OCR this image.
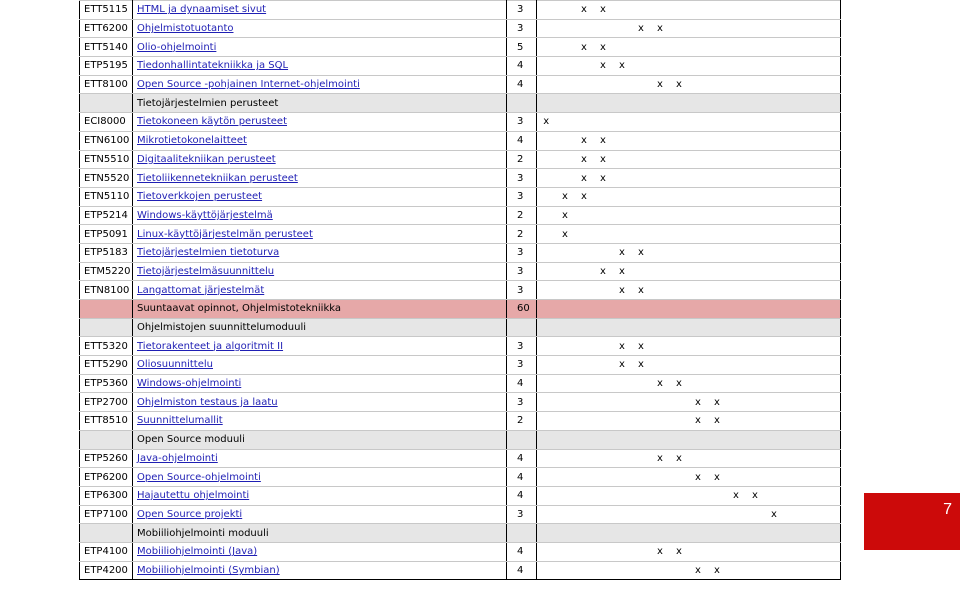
ETT5115	HTML ja dynaamiset sivut	3			x	x										
ETT6200	Ohjelmistotuotanto	3						x	x							
ETT5140	Olio-ohjelmointi	5			x	x										
ETP5195	Tiedonhallintatekniikka ja SQL	4				x	x									
ETT8100	Open Source -pohjainen Internet-ohjelmointi	4							x	x						
	Tietojärjestelmien perusteet															
ECI8000	Tietokoneen käytön perusteet	3	x													
ETN6100	Mikrotietokonelaitteet	4			x	x										
ETN5510	Digitaalitekniikan perusteet	2			x	x										
ETN5520	Tietoliikennetekniikan perusteet	3			x	x										
ETN5110	Tietoverkkojen perusteet	3		x	x											
ETP5214	Windows-käyttöjärjestelmä	2		x												
ETP5091	Linux-käyttöjärjestelmän perusteet	2		x												
ETP5183	Tietojärjestelmien tietoturva	3					x	x								
ETM5220	Tietojärjestelmäsuunnittelu	3				x	x									
ETN8100	Langattomat järjestelmät	3					x	x								
	Suuntaavat opinnot, Ohjelmistotekniikka	60														
	Ohjelmistojen suunnittelumoduuli															
ETT5320	Tietorakenteet ja algoritmit II	3					x	x								
ETT5290	Oliosuunnittelu	3					x	x								
ETP5360	Windows-ohjelmointi	4							x	x						
ETP2700	Ohjelmiston testaus ja laatu	3									x	x				
ETT8510	Suunnittelumallit	2									x	x				
	Open Source moduuli															
ETP5260	Java-ohjelmointi	4							x	x						
ETP6200	Open Source-ohjelmointi	4									x	x				
ETP6300	Hajautettu ohjelmointi	4											x	x		
ETP7100	Open Source projekti	3													x	
	Mobiiliohjelmointi moduuli															
ETP4100	Mobiiliohjelmointi (Java)	4							x	x						
ETP4200	Mobiiliohjelmointi (Symbian)	4									x	x				
7
